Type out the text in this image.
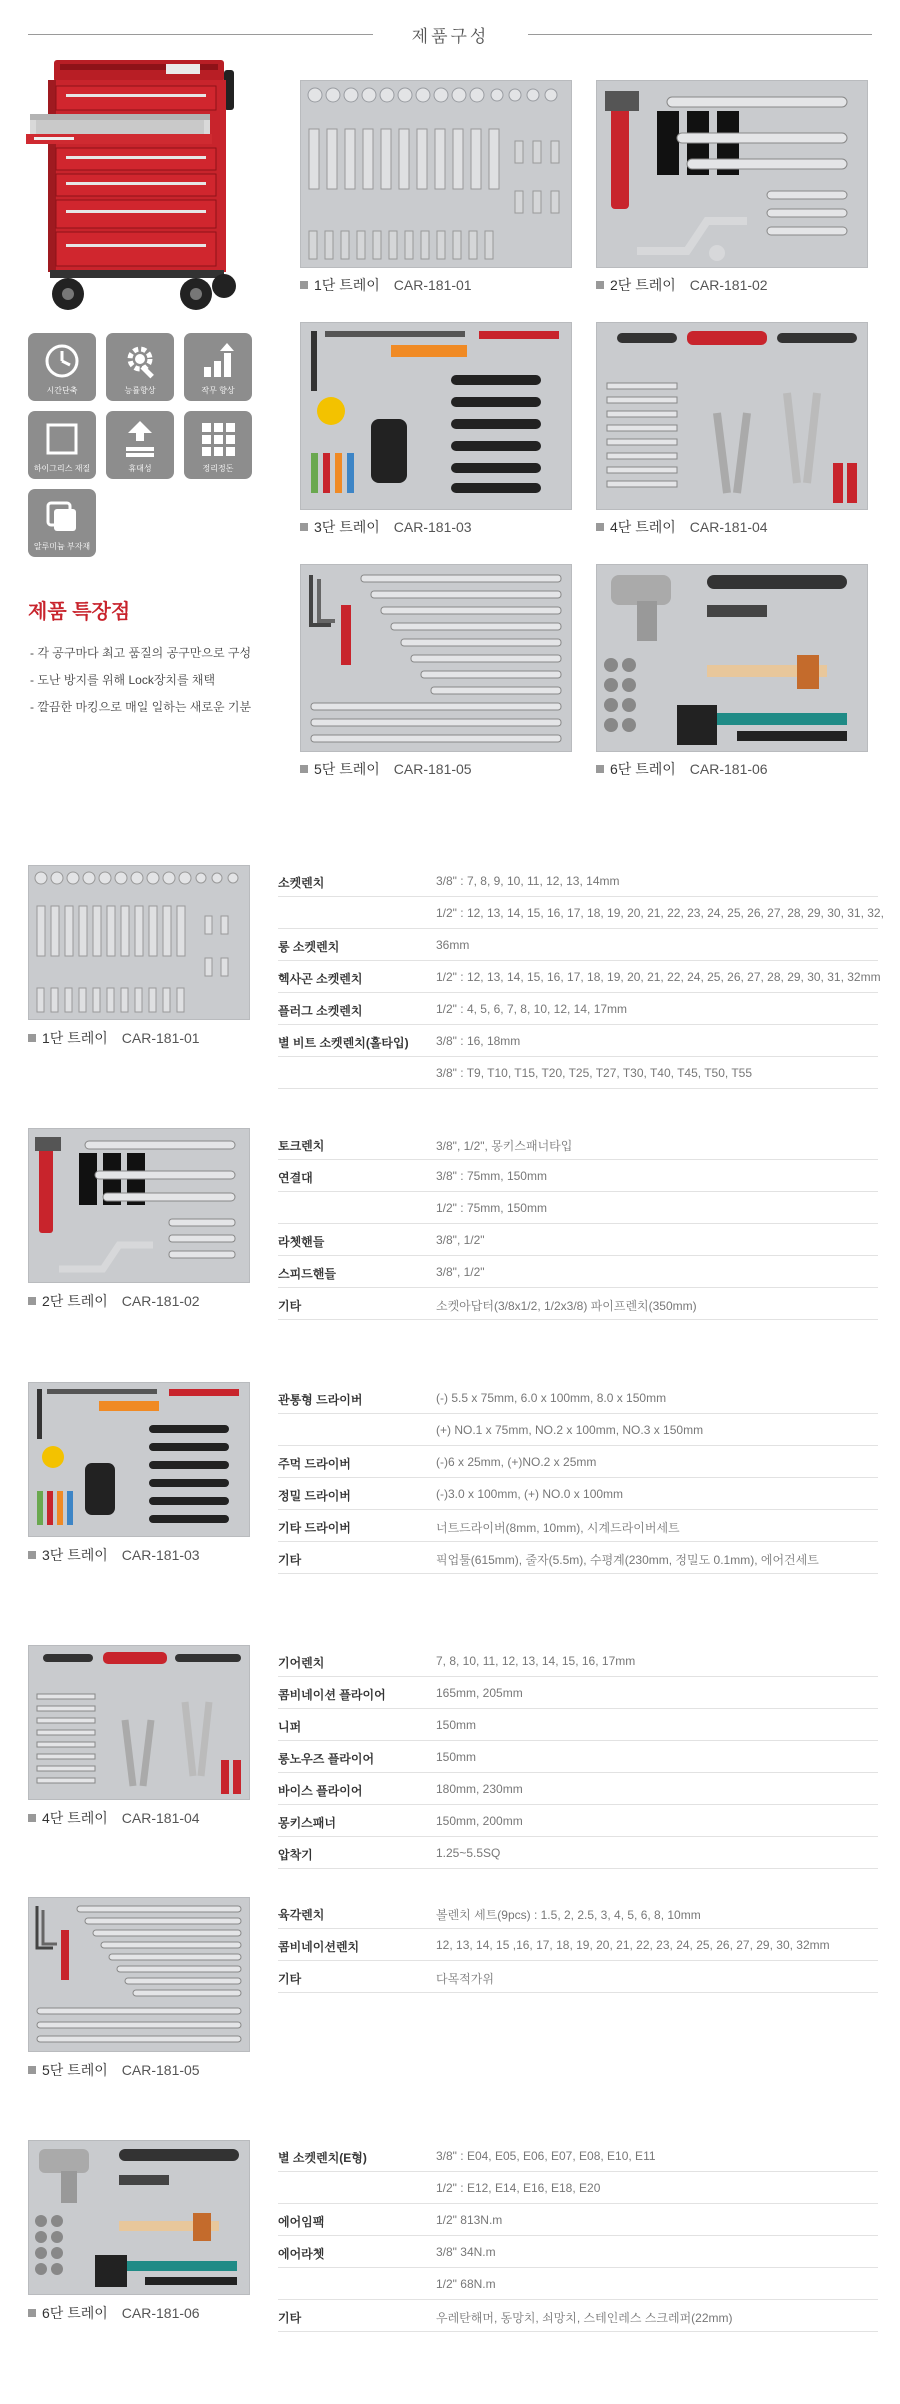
제품구성
시간단축	능률향상	작무 향상
하이그리스 재질	휴대성	정리정돈
알루미늄 부자재
제품 특장점
- 각 공구마다 최고 품질의 공구만으로 구성
- 도난 방지를 위해 Lock장치를 채택
- 깔끔한 마킹으로 매일 일하는 새로운 기분
1단 트레이 CAR-181-01	2단 트레이 CAR-181-02
3단 트레이 CAR-181-03	4단 트레이 CAR-181-04
5단 트레이 CAR-181-05	6단 트레이 CAR-181-06
1단 트레이 CAR-181-01
소켓렌치	3/8" : 7, 8, 9, 10, 11, 12, 13, 14mm
1/2" : 12, 13, 14, 15, 16, 17, 18, 19, 20, 21, 22, 23, 24, 25, 26, 27, 28, 29, 30, 31, 32,
롱 소켓렌치	36mm
헥사곤 소켓렌치	1/2" : 12, 13, 14, 15, 16, 17, 18, 19, 20, 21, 22, 24, 25, 26, 27, 28, 29, 30, 31, 32mm
플러그 소켓렌치	1/2" : 4, 5, 6, 7, 8, 10, 12, 14, 17mm
별 비트 소켓렌치(홀타입) 3/8" : 16, 18mm
3/8" : T9, T10, T15, T20, T25, T27, T30, T40, T45, T50, T55
2단 트레이 CAR-181-02
토크렌치	3/8", 1/2", 몽키스패너타입
연결대	3/8" : 75mm, 150mm
1/2" : 75mm, 150mm
라쳇핸들	3/8", 1/2"
스피드핸들	3/8", 1/2"
기타	소켓아답터(3/8x1/2, 1/2x3/8) 파이프렌치(350mm)
3단 트레이 CAR-181-03
관통형 드라이버	(-) 5.5 x 75mm, 6.0 x 100mm, 8.0 x 150mm
(+) NO.1 x 75mm, NO.2 x 100mm, NO.3 x 150mm
주먹 드라이버	(-)6 x 25mm, (+)NO.2 x 25mm
정밀 드라이버	(-)3.0 x 100mm, (+) NO.0 x 100mm
기타 드라이버	너트드라이버(8mm, 10mm), 시계드라이버세트
기타	픽업툴(615mm), 줄자(5.5m), 수평계(230mm, 정밀도 0.1mm), 에어건세트
4단 트레이 CAR-181-04
기어렌치	7, 8, 10, 11, 12, 13, 14, 15, 16, 17mm
콤비네이션 플라이어	165mm, 205mm
니퍼	150mm
롱노우즈 플라이어	150mm
바이스 플라이어	180mm, 230mm
몽키스패너	150mm, 200mm
압착기	1.25~5.5SQ
5단 트레이 CAR-181-05
육각렌치	볼렌치 세트(9pcs) : 1.5, 2, 2.5, 3, 4, 5, 6, 8, 10mm
콤비네이션렌치	12, 13, 14, 15 ,16, 17, 18, 19, 20, 21, 22, 23, 24, 25, 26, 27, 29, 30, 32mm
기타	다목적가위
6단 트레이 CAR-181-06
별 소켓렌치(E형)	3/8" : E04, E05, E06, E07, E08, E10, E11
1/2" : E12, E14, E16, E18, E20
에어임팩	1/2" 813N.m
에어라쳇	3/8" 34N.m
1/2" 68N.m
기타	우레탄해머, 동망치, 쇠망치, 스테인레스 스크레퍼(22mm)
